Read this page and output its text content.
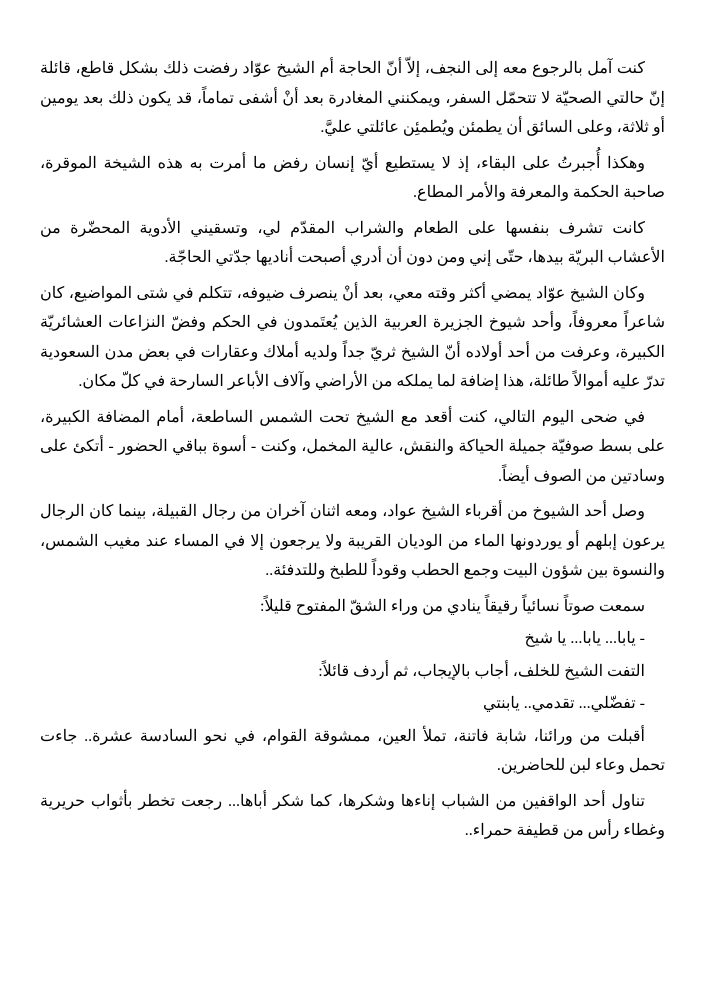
كنت آمل بالرجوع معه إلى النجف، إلاّ أنّ الحاجة أم الشيخ عوّاد رفضت ذلك بشكل قاطع، قائلة إنّ حالتي الصحيّة لا تتحمّل السفر، ويمكنني المغادرة بعد أنْ أشفى تماماً، قد يكون ذلك بعد يومين أو ثلاثة، وعلى السائق أن يطمئن ويُطمئِن عائلتي عليَّ.

وهكذا أُجبرتُ على البقاء، إذ لا يستطيع أيّ إنسان رفض ما أمرت به هذه الشيخة الموقرة، صاحبة الحكمة والمعرفة والأمر المطاع.

كانت تشرف بنفسها على الطعام والشراب المقدّم لي، وتسقيني الأدوية المحضّرة من الأعشاب البريّة بيدها، حتّى إني ومن دون أن أدري أصبحت أناديها جدّتي الحاجّة.

وكان الشيخ عوّاد يمضي أكثر وقته معي، بعد أنْ ينصرف ضيوفه، تتكلم في شتى المواضيع، كان شاعراً معروفاً، وأحد شيوخ الجزيرة العربية الذين يُعتَمدون في الحكم وفضّ النزاعات العشائريّة الكبيرة، وعرفت من أحد أولاده أنّ الشيخ ثريّ جداً ولديه أملاك وعقارات في بعض مدن السعودية تدرّ عليه أموالاً طائلة، هذا إضافة لما يملكه من الأراضي وآلاف الأباعر السارحة في كلّ مكان.

في ضحى اليوم التالي، كنت أقعد مع الشيخ تحت الشمس الساطعة، أمام المضافة الكبيرة، على بسط صوفيّة جميلة الحياكة والنقش، عالية المخمل، وكنت - أسوة بباقي الحضور - أتكئ على وسادتين من الصوف أيضاً.

وصل أحد الشيوخ من أقرباء الشيخ عواد، ومعه اثنان آخران من رجال القبيلة، بينما كان الرجال يرعون إبلهم أو يوردونها الماء من الوديان القريبة ولا يرجعون إلا في المساء عند مغيب الشمس، والنسوة بين شؤون البيت وجمع الحطب وقوداً للطبخ وللتدفئة..

سمعت صوتاً نسائياً رقيقاً ينادي من وراء الشقّ المفتوح قليلاً:

- يابا... يابا... يا شيخ

التفت الشيخ للخلف، أجاب بالإيجاب، ثم أردف قائلاً:

- تفضّلي... تقدمي.. يابنتي

أقبلت من ورائنا، شابة فاتنة، تملأ العين، ممشوقة القوام، في نحو السادسة عشرة.. جاءت تحمل وعاء لبن للحاضرين.

تناول أحد الواقفين من الشباب إناءها وشكرها، كما شكر أباها... رجعت تخطر بأثواب حريرية وغطاء رأس من قطيفة حمراء..
